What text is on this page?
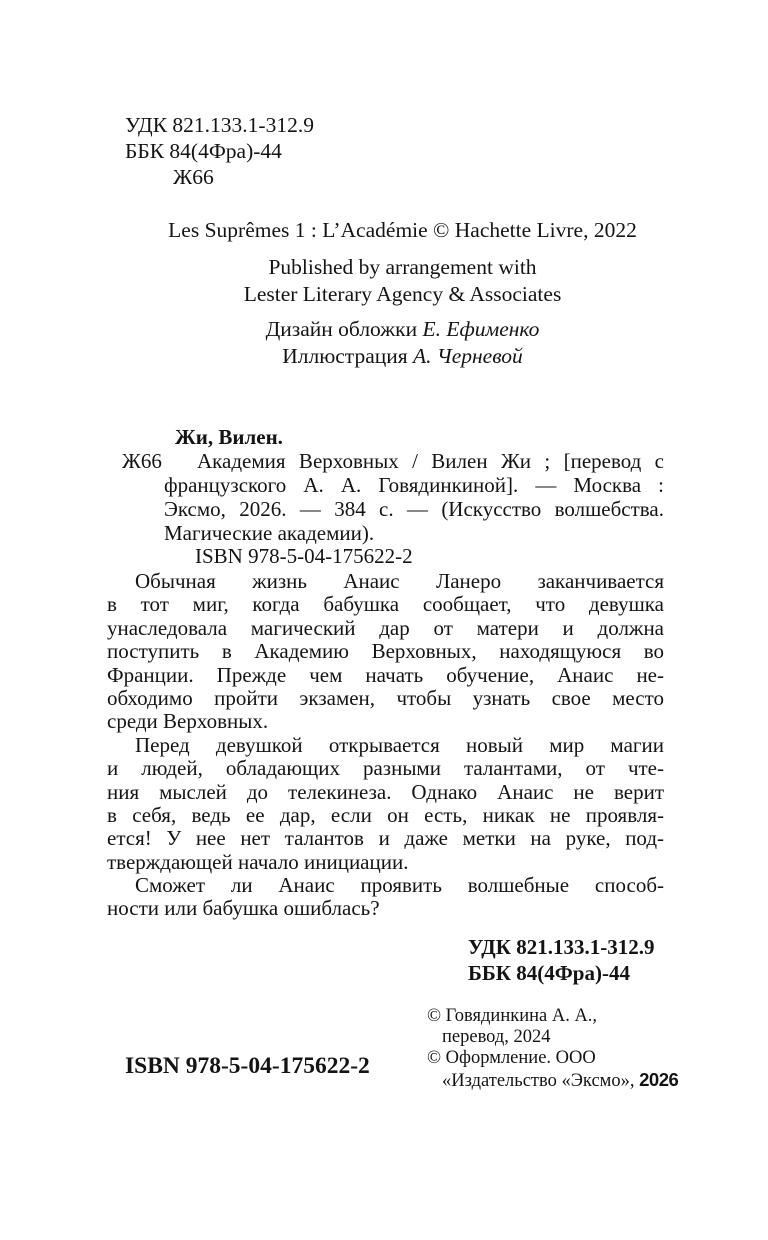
УДК 821.133.1-312.9
ББК 84(4Фра)-44
Ж66
Les Suprêmes 1 : L’Académie © Hachette Livre, 2022
Published by arrangement with
Lester Literary Agency & Associates
Дизайн обложки Е. Ефименко
Иллюстрация А. Черневой
Жи, Вилен.
Ж66	Академия Верховных / Вилен Жи ; [перевод с
французского А. А. Говядинкиной]. — Москва :
Эксмо, 2026. — 384 с. — (Искусство волшебства.
Магические академии).
ISBN 978-5-04-175622-2
Обычная жизнь Анаис Ланеро заканчивается
в тот миг, когда бабушка сообщает, что девушка
унаследовала магический дар от матери и должна
поступить в Академию Верховных, находящуюся во
Франции. Прежде чем начать обучение, Анаис не-
обходимо пройти экзамен, чтобы узнать свое место
среди Верховных.
Перед девушкой открывается новый мир магии
и людей, обладающих разными талантами, от чте-
ния мыслей до телекинеза. Однако Анаис не верит
в себя, ведь ее дар, если он есть, никак не проявля-
ется! У нее нет талантов и даже метки на руке, под-
тверждающей начало инициации.
Сможет ли Анаис проявить волшебные способ-
ности или бабушка ошиблась?
УДК 821.133.1-312.9
ББК 84(4Фра)-44
© Говядинкина А. А.,
перевод, 2024
© Оформление. ООО
«Издательство «Эксмо», 2026
ISBN 978-5-04-175622-2
